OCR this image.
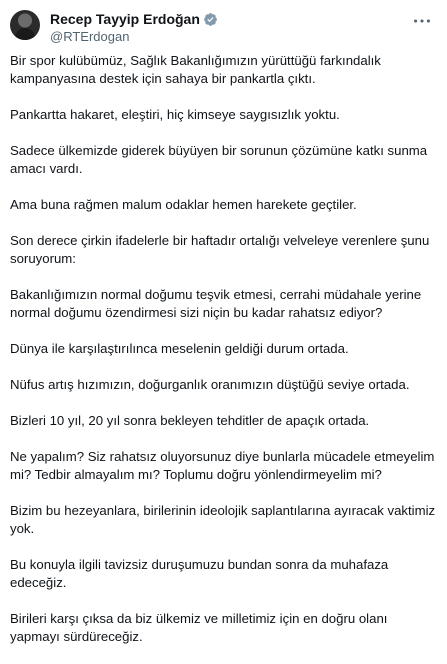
Recep Tayyip Erdoğan
@RTErdogan

Bir spor kulübümüz, Sağlık Bakanlığımızın yürüttüğü farkındalık kampanyasına destek için sahaya bir pankartla çıktı.

Pankartta hakaret, eleştiri, hiç kimseye saygısızlık yoktu.

Sadece ülkemizde giderek büyüyen bir sorunun çözümüne katkı sunma amacı vardı.

Ama buna rağmen malum odaklar hemen harekete geçtiler.

Son derece çirkin ifadelerle bir haftadır ortalığı velveleye verenlere şunu soruyorum:

Bakanlığımızın normal doğumu teşvik etmesi, cerrahi müdahale yerine normal doğumu özendirmesi sizi niçin bu kadar rahatsız ediyor?

Dünya ile karşılaştırılınca meselenin geldiği durum ortada.

Nüfus artış hızımızın, doğurganlık oranımızın düştüğü seviye ortada.

Bizleri 10 yıl, 20 yıl sonra bekleyen tehditler de apaçık ortada.

Ne yapalım? Siz rahatsız oluyorsunuz diye bunlarla mücadele etmeyelim mi? Tedbir almayalım mı? Toplumu doğru yönlendirmeyelim mi?

Bizim bu hezeyanlara, birilerinin ideolojik saplantılarına ayıracak vaktimiz yok.

Bu konuyla ilgili tavizsiz duruşumuzu bundan sonra da muhafaza edeceğiz.

Birileri karşı çıksa da biz ülkemiz ve milletimiz için en doğru olanı yapmayı sürdüreceğiz.
